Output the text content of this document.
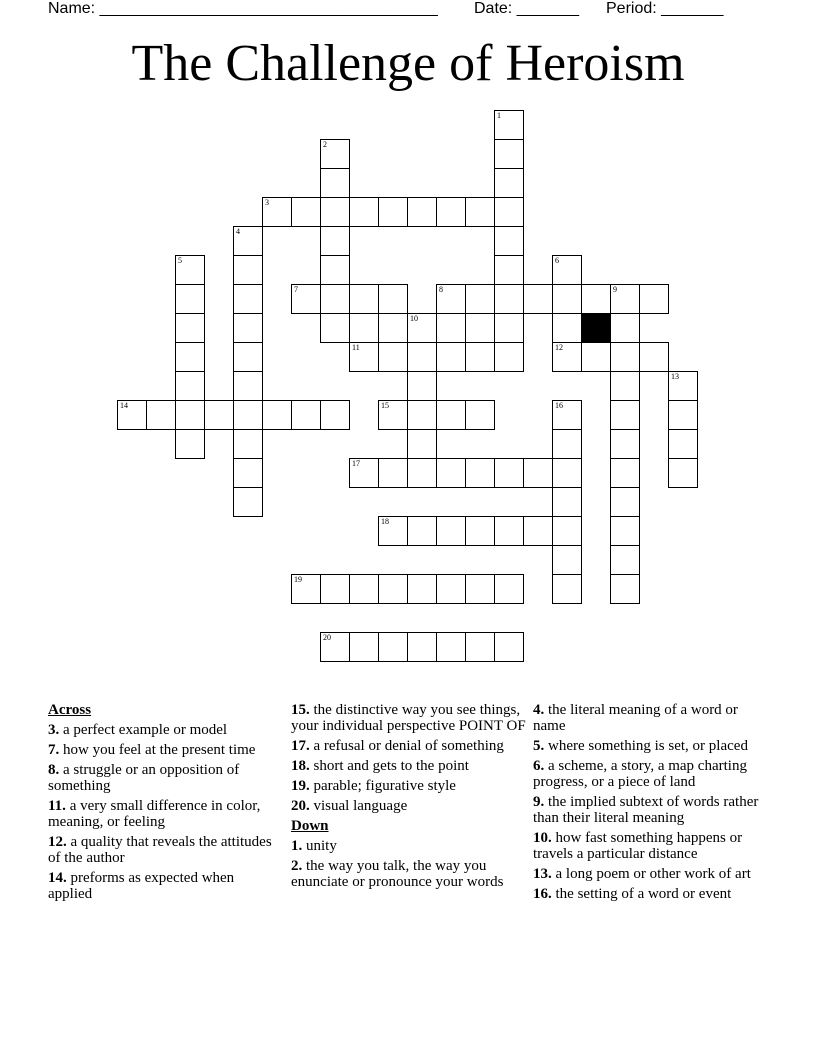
Name: ______________________________________ Date: _______ Period: _______
The Challenge of Heroism
1
2
3
4
5	6
7	8	9
10
11	12
13
14	15	16
17
18
19
20
Across
3. a perfect example or model
7. how you feel at the present time
8. a struggle or an opposition of something
11. a very small difference in color, meaning, or feeling
12. a quality that reveals the attitudes of the author
14. preforms as expected when applied
15. the distinctive way you see things, your individual perspective POINT OF
17. a refusal or denial of something
18. short and gets to the point
19. parable; figurative style
20. visual language
Down
1. unity
2. the way you talk, the way you enunciate or pronounce your words
4. the literal meaning of a word or name
5. where something is set, or placed
6. a scheme, a story, a map charting progress, or a piece of land
9. the implied subtext of words rather than their literal meaning
10. how fast something happens or travels a particular distance
13. a long poem or other work of art
16. the setting of a word or event
